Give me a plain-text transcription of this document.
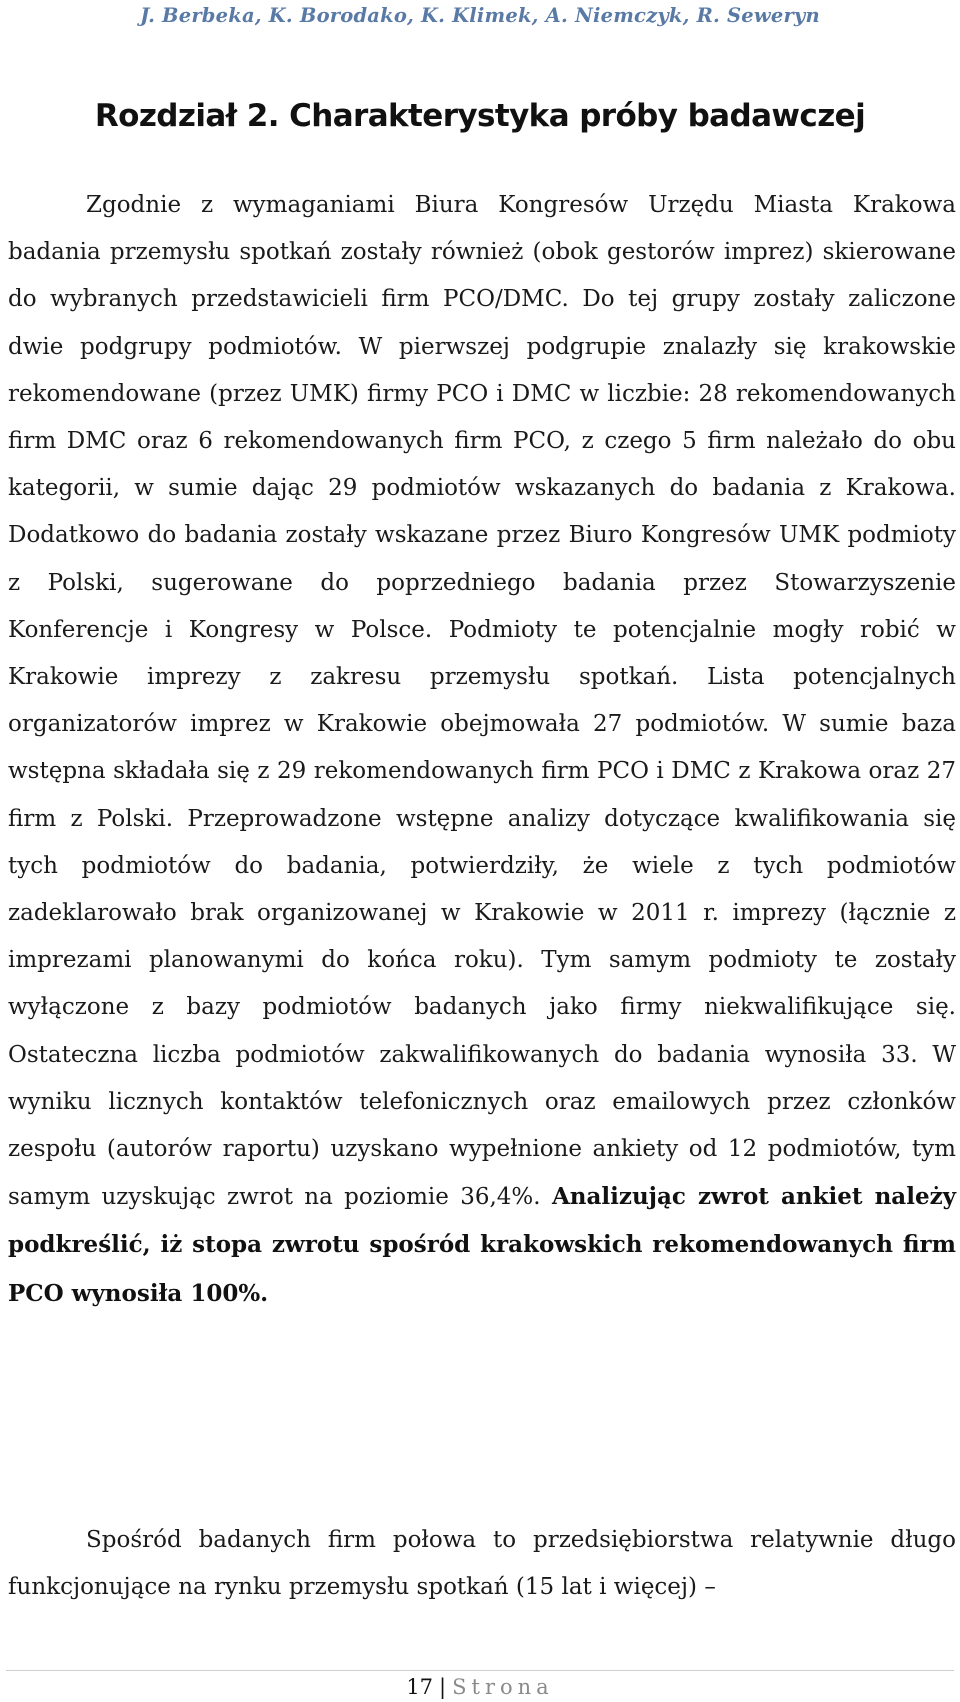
J. Berbeka, K. Borodako, K. Klimek, A. Niemczyk, R. Seweryn
Rozdział 2. Charakterystyka próby badawczej

Zgodnie z wymaganiami Biura Kongresów Urzędu Miasta Krakowa badania przemysłu spotkań zostały również (obok gestorów imprez) skierowane do wybranych przedstawicieli firm PCO/DMC. Do tej grupy zostały zaliczone dwie podgrupy podmiotów. W pierwszej podgrupie znalazły się krakowskie rekomendowane (przez UMK) firmy PCO i DMC w liczbie: 28 rekomendowanych firm DMC oraz 6 rekomendowanych firm PCO, z czego 5 firm należało do obu kategorii, w sumie dając 29 podmiotów wskazanych do badania z Krakowa. Dodatkowo do badania zostały wskazane przez Biuro Kongresów UMK podmioty z Polski, sugerowane do poprzedniego badania przez Stowarzyszenie Konferencje i Kongresy w Polsce. Podmioty te potencjalnie mogły robić w Krakowie imprezy z zakresu przemysłu spotkań. Lista potencjalnych organizatorów imprez w Krakowie obejmowała 27 podmiotów. W sumie baza wstępna składała się z 29 rekomendowanych firm PCO i DMC z Krakowa oraz 27 firm z Polski. Przeprowadzone wstępne analizy dotyczące kwalifikowania się tych podmiotów do badania, potwierdziły, że wiele z tych podmiotów zadeklarowało brak organizowanej w Krakowie w 2011 r. imprezy (łącznie z imprezami planowanymi do końca roku). Tym samym podmioty te zostały wyłączone z bazy podmiotów badanych jako firmy niekwalifikujące się. Ostateczna liczba podmiotów zakwalifikowanych do badania wynosiła 33. W wyniku licznych kontaktów telefonicznych oraz emailowych przez członków zespołu (autorów raportu) uzyskano wypełnione ankiety od 12 podmiotów, tym samym uzyskując zwrot na poziomie 36,4%. Analizując zwrot ankiet należy podkreślić, iż stopa zwrotu spośród krakowskich rekomendowanych firm PCO wynosiła 100%.

Spośród badanych firm połowa to przedsiębiorstwa relatywnie długo funkcjonujące na rynku przemysłu spotkań (15 lat i więcej) –

17 | Strona
